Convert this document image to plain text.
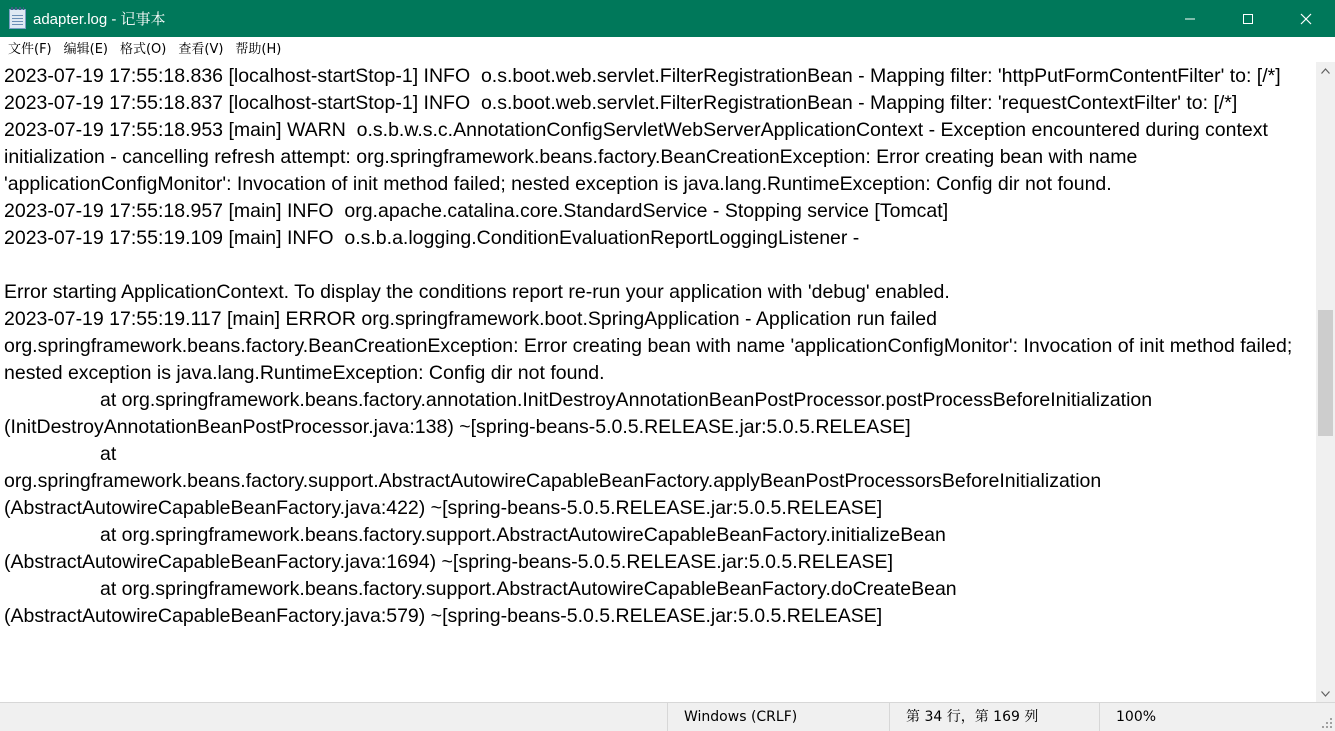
adapter.log - 记事本
文件(F) 编辑(E) 格式(O) 查看(V) 帮助(H)
2023-07-19 17:55:18.836 [localhost-startStop-1] INFO  o.s.boot.web.servlet.FilterRegistrationBean - Mapping filter: 'httpPutFormContentFilter' to: [/*]
2023-07-19 17:55:18.837 [localhost-startStop-1] INFO  o.s.boot.web.servlet.FilterRegistrationBean - Mapping filter: 'requestContextFilter' to: [/*]
2023-07-19 17:55:18.953 [main] WARN  o.s.b.w.s.c.AnnotationConfigServletWebServerApplicationContext - Exception encountered during context initialization - cancelling refresh attempt: org.springframework.beans.factory.BeanCreationException: Error creating bean with name 'applicationConfigMonitor': Invocation of init method failed; nested exception is java.lang.RuntimeException: Config dir not found.
2023-07-19 17:55:18.957 [main] INFO  org.apache.catalina.core.StandardService - Stopping service [Tomcat]
2023-07-19 17:55:19.109 [main] INFO  o.s.b.a.logging.ConditionEvaluationReportLoggingListener -
Error starting ApplicationContext. To display the conditions report re-run your application with 'debug' enabled.
2023-07-19 17:55:19.117 [main] ERROR org.springframework.boot.SpringApplication - Application run failed
org.springframework.beans.factory.BeanCreationException: Error creating bean with name 'applicationConfigMonitor': Invocation of init method failed; nested exception is java.lang.RuntimeException: Config dir not found.
at org.springframework.beans.factory.annotation.InitDestroyAnnotationBeanPostProcessor.postProcessBeforeInitialization
(InitDestroyAnnotationBeanPostProcessor.java:138) ~[spring-beans-5.0.5.RELEASE.jar:5.0.5.RELEASE]
at
org.springframework.beans.factory.support.AbstractAutowireCapableBeanFactory.applyBeanPostProcessorsBeforeInitialization
(AbstractAutowireCapableBeanFactory.java:422) ~[spring-beans-5.0.5.RELEASE.jar:5.0.5.RELEASE]
at org.springframework.beans.factory.support.AbstractAutowireCapableBeanFactory.initializeBean
(AbstractAutowireCapableBeanFactory.java:1694) ~[spring-beans-5.0.5.RELEASE.jar:5.0.5.RELEASE]
at org.springframework.beans.factory.support.AbstractAutowireCapableBeanFactory.doCreateBean
(AbstractAutowireCapableBeanFactory.java:579) ~[spring-beans-5.0.5.RELEASE.jar:5.0.5.RELEASE]
Windows (CRLF)	第 34 行，第 169 列	100%
